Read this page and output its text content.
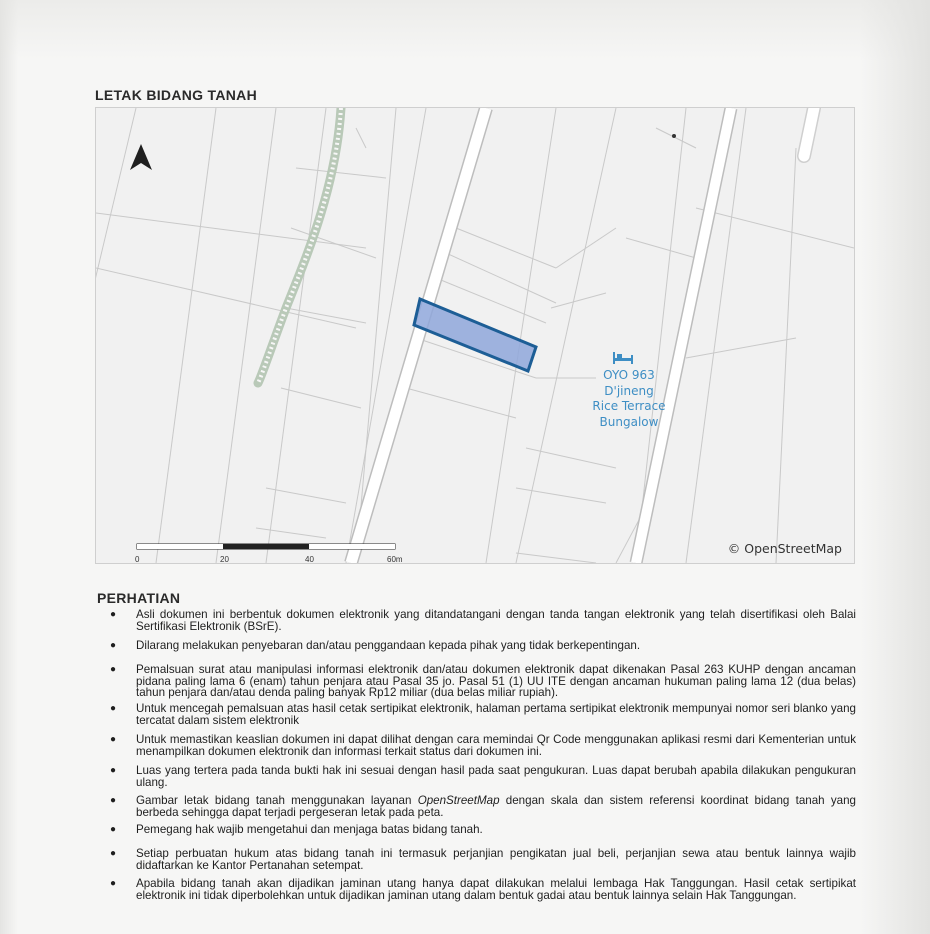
LETAK BIDANG TANAH
OYO 963
D'jineng
Rice Terrace
Bungalow
0	20	40	60m
© OpenStreetMap
PERHATIAN
● Asli dokumen ini berbentuk dokumen elektronik yang ditandatangani dengan tanda tangan elektronik yang telah disertifikasi oleh Balai Sertifikasi Elektronik (BSrE).
● Dilarang melakukan penyebaran dan/atau penggandaan kepada pihak yang tidak berkepentingan.
● Pemalsuan surat atau manipulasi informasi elektronik dan/atau dokumen elektronik dapat dikenakan Pasal 263 KUHP dengan ancaman pidana paling lama 6 (enam) tahun penjara atau Pasal 35 jo. Pasal 51 (1) UU ITE dengan ancaman hukuman paling lama 12 (dua belas) tahun penjara dan/atau denda paling banyak Rp12 miliar (dua belas miliar rupiah).
● Untuk mencegah pemalsuan atas hasil cetak sertipikat elektronik, halaman pertama sertipikat elektronik mempunyai nomor seri blanko yang tercatat dalam sistem elektronik
● Untuk memastikan keaslian dokumen ini dapat dilihat dengan cara memindai Qr Code menggunakan aplikasi resmi dari Kementerian untuk menampilkan dokumen elektronik dan informasi terkait status dari dokumen ini.
● Luas yang tertera pada tanda bukti hak ini sesuai dengan hasil pada saat pengukuran. Luas dapat berubah apabila dilakukan pengukuran ulang.
● Gambar letak bidang tanah menggunakan layanan OpenStreetMap dengan skala dan sistem referensi koordinat bidang tanah yang berbeda sehingga dapat terjadi pergeseran letak pada peta.
● Pemegang hak wajib mengetahui dan menjaga batas bidang tanah.
● Setiap perbuatan hukum atas bidang tanah ini termasuk perjanjian pengikatan jual beli, perjanjian sewa atau bentuk lainnya wajib didaftarkan ke Kantor Pertanahan setempat.
● Apabila bidang tanah akan dijadikan jaminan utang hanya dapat dilakukan melalui lembaga Hak Tanggungan. Hasil cetak sertipikat elektronik ini tidak diperbolehkan untuk dijadikan jaminan utang dalam bentuk gadai atau bentuk lainnya selain Hak Tanggungan.
